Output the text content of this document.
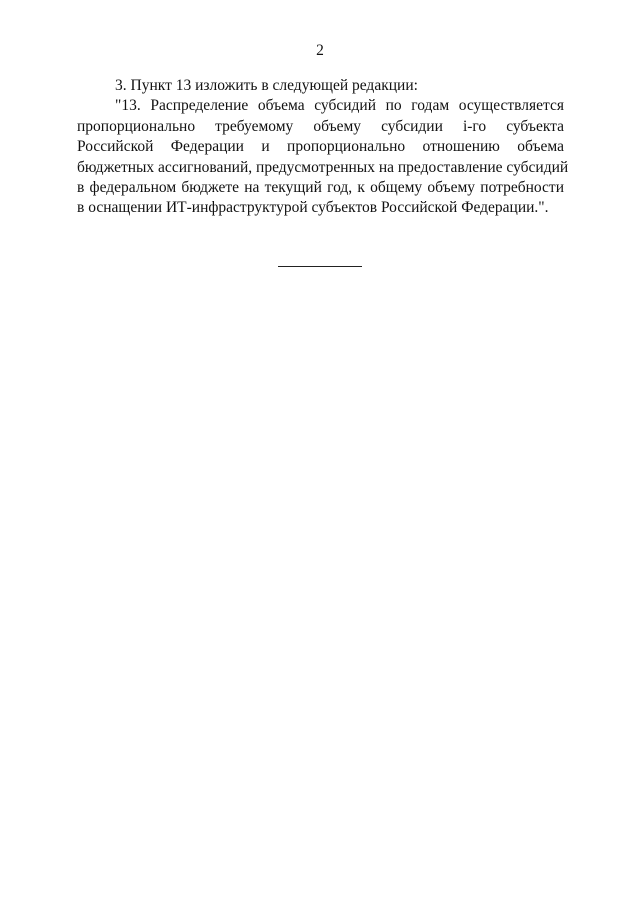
2

3. Пункт 13 изложить в следующей редакции:

"13. Распределение объема субсидий по годам осуществляется
пропорционально требуемому объему субсидии i-го субъекта
Российской Федерации и пропорционально отношению объема
бюджетных ассигнований, предусмотренных на предоставление субсидий
в федеральном бюджете на текущий год, к общему объему потребности
в оснащении ИТ-инфраструктурой субъектов Российской Федерации.".
